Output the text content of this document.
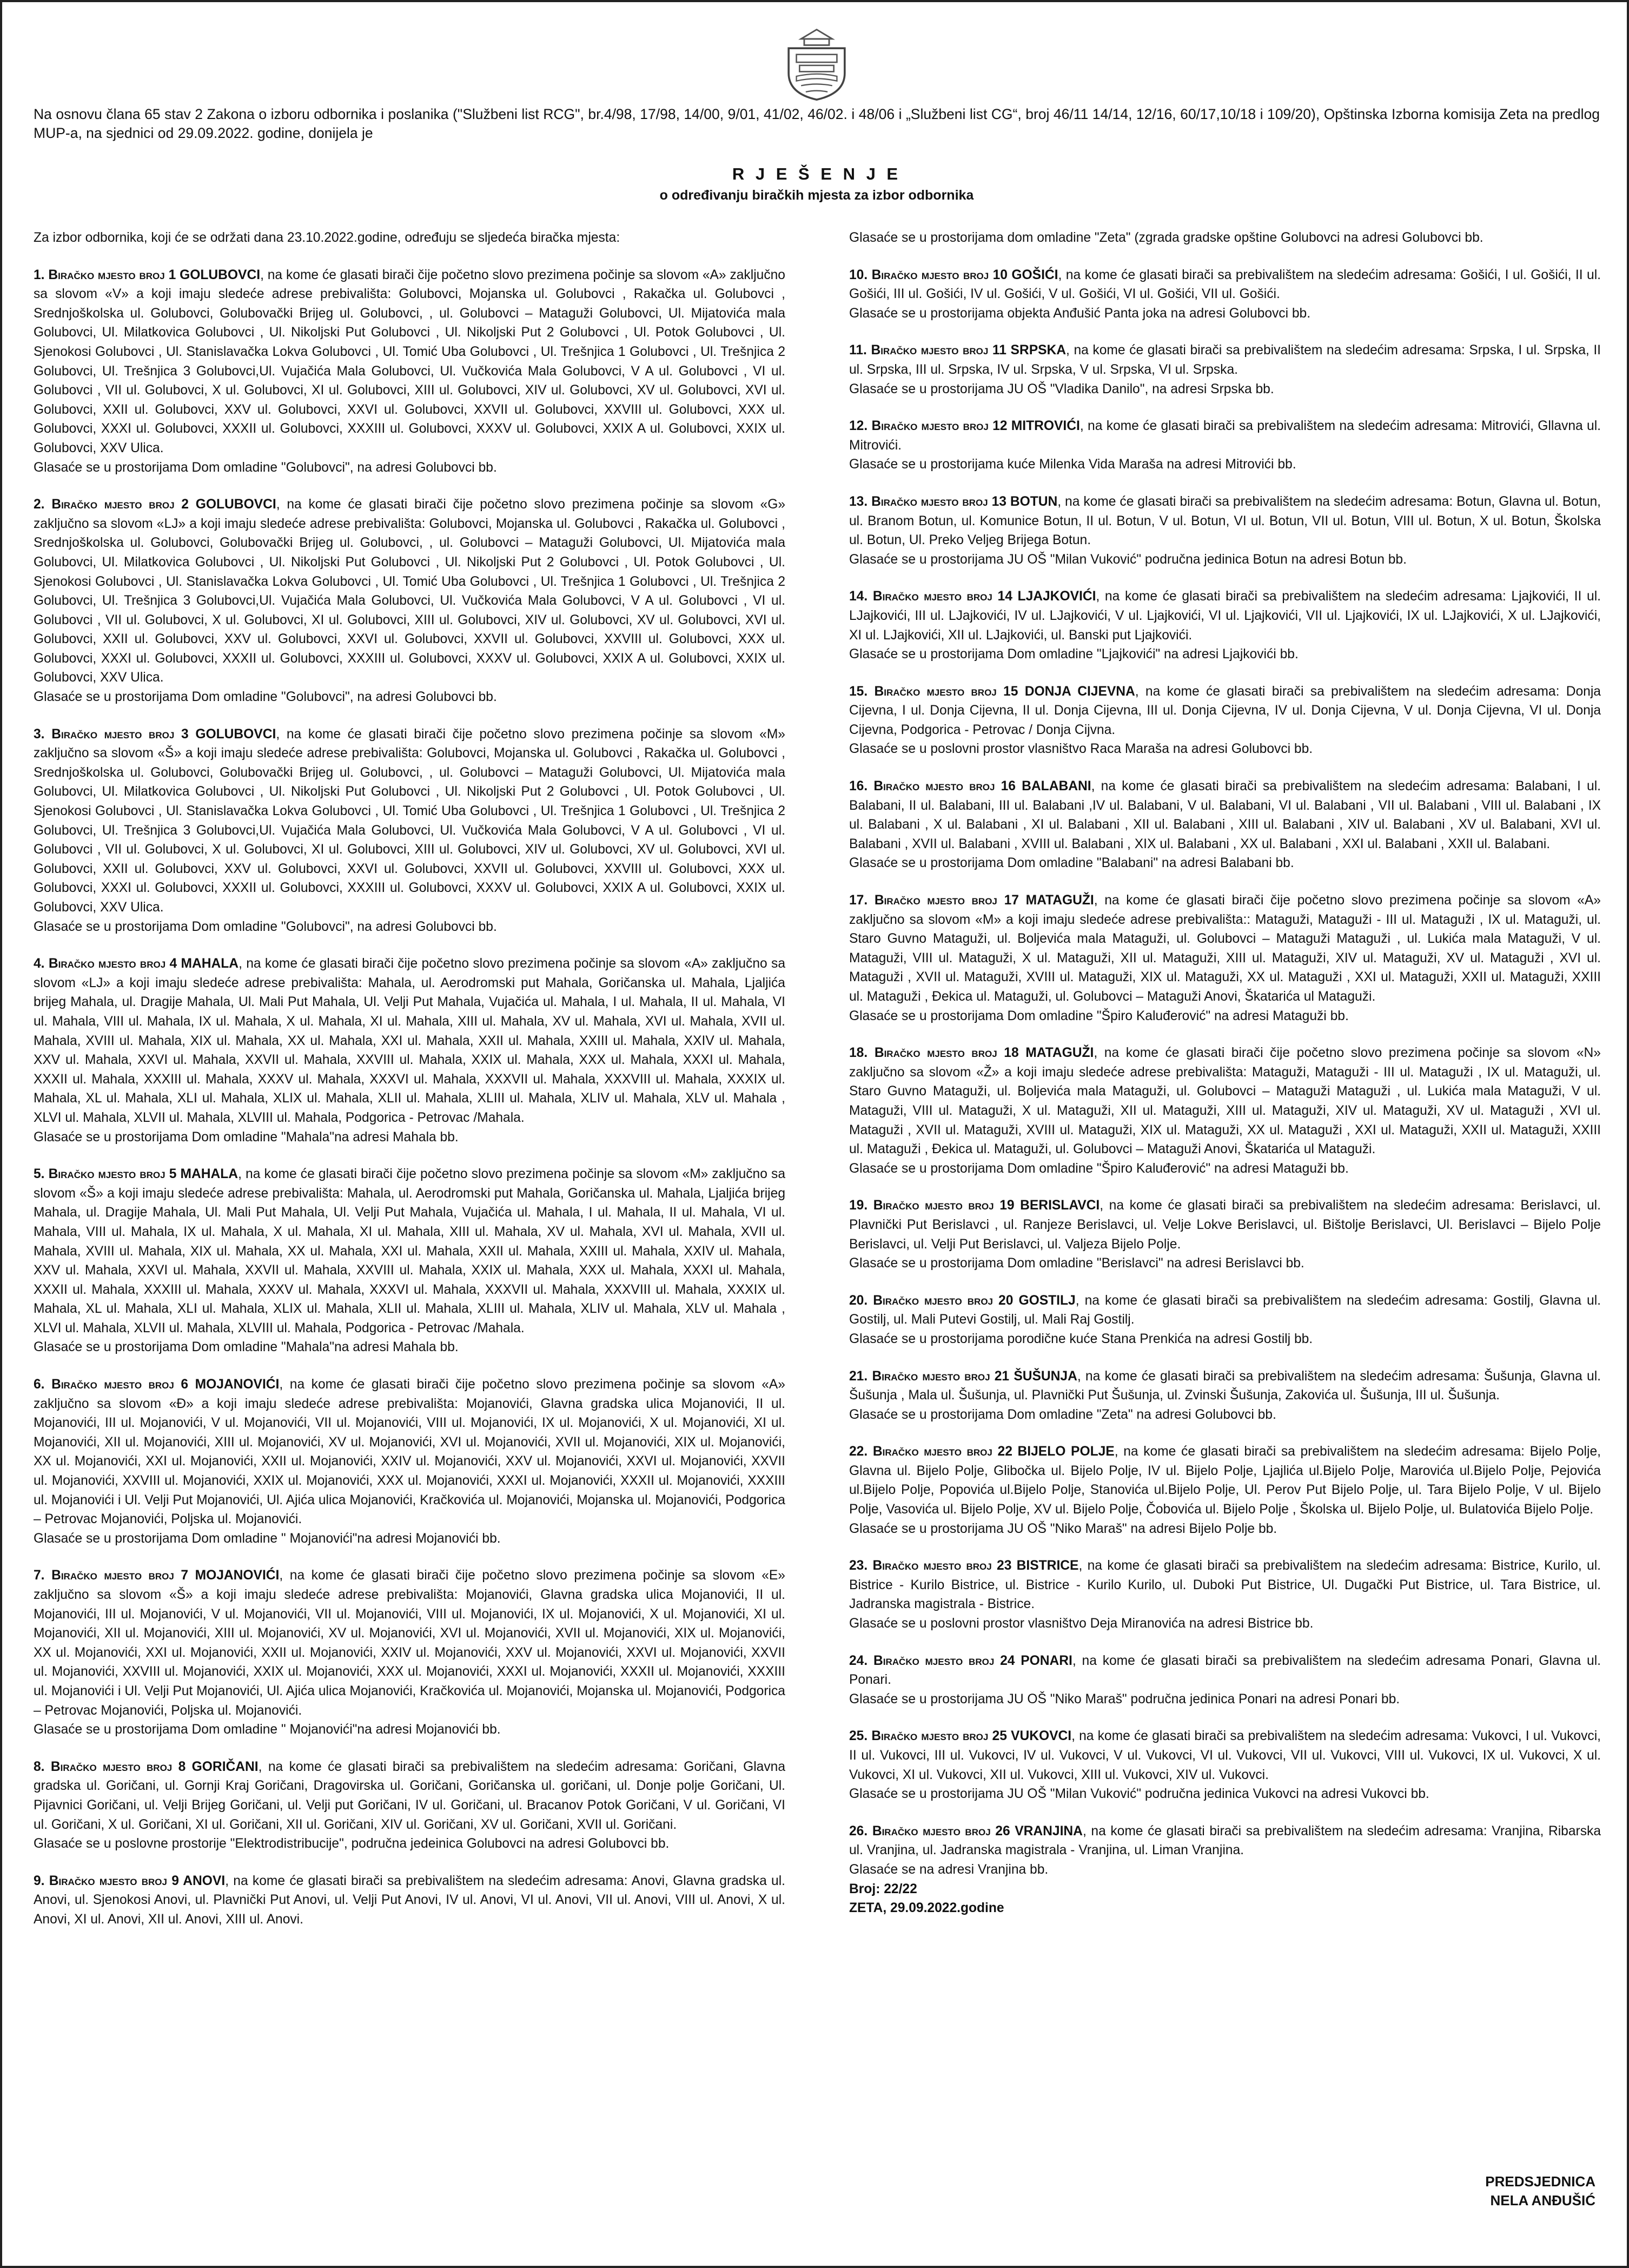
Na osnovu člana 65 stav 2 Zakona o izboru odbornika i poslanika ("Službeni list RCG", br.4/98, 17/98, 14/00, 9/01, 41/02, 46/02. i 48/06 i „Službeni list CG“, broj 46/11 14/14, 12/16, 60/17,10/18 i 109/20), Opštinska Izborna komisija Zeta na predlog MUP-a, na sjednici od 29.09.2022. godine, donijela je
R J E Š E N J E
o određivanju biračkih mjesta za izbor odbornika

Za izbor odbornika, koji će se održati dana 23.10.2022.godine, određuju se sljedeća biračka mjesta:

1. Biračko mjesto broj 1 GOLUBOVCI, na kome će glasati birači čije početno slovo prezimena počinje sa slovom «A» zaključno sa slovom «V» a koji imaju sledeće adrese prebivališta: Golubovci, Mojanska ul. Golubovci , Rakačka ul. Golubovci , Srednjoškolska ul. Golubovci, Golubovački Brijeg ul. Golubovci, , ul. Golubovci – Mataguži Golubovci, Ul. Mijatovića mala Golubovci, Ul. Milatkovica Golubovci , Ul. Nikoljski Put Golubovci , Ul. Nikoljski Put 2 Golubovci , Ul. Potok Golubovci , Ul. Sjenokosi Golubovci , Ul. Stanislavačka Lokva Golubovci , Ul. Tomić Uba Golubovci , Ul. Trešnjica 1 Golubovci , Ul. Trešnjica 2 Golubovci, Ul. Trešnjica 3 Golubovci,Ul. Vujačića Mala Golubovci, Ul. Vučkovića Mala Golubovci, V A ul. Golubovci , VI ul. Golubovci , VII ul. Golubovci, X ul. Golubovci, XI ul. Golubovci, XIII ul. Golubovci, XIV ul. Golubovci, XV ul. Golubovci, XVI ul. Golubovci, XXII ul. Golubovci, XXV ul. Golubovci, XXVI ul. Golubovci, XXVII ul. Golubovci, XXVIII ul. Golubovci, XXX ul. Golubovci, XXXI ul. Golubovci, XXXII ul. Golubovci, XXXIII ul. Golubovci, XXXV ul. Golubovci, XXIX A ul. Golubovci, XXIX ul. Golubovci, XXV Ulica.
Glasaće se u prostorijama Dom omladine "Golubovci", na adresi Golubovci bb.

2. Biračko mjesto broj 2 GOLUBOVCI, na kome će glasati birači čije početno slovo prezimena počinje sa slovom «G» zaključno sa slovom «LJ» a koji imaju sledeće adrese prebivališta: Golubovci, Mojanska ul. Golubovci , Rakačka ul. Golubovci , Srednjoškolska ul. Golubovci, Golubovački Brijeg ul. Golubovci, , ul. Golubovci – Mataguži Golubovci, Ul. Mijatovića mala Golubovci, Ul. Milatkovica Golubovci , Ul. Nikoljski Put Golubovci , Ul. Nikoljski Put 2 Golubovci , Ul. Potok Golubovci , Ul. Sjenokosi Golubovci , Ul. Stanislavačka Lokva Golubovci , Ul. Tomić Uba Golubovci , Ul. Trešnjica 1 Golubovci , Ul. Trešnjica 2 Golubovci, Ul. Trešnjica 3 Golubovci,Ul. Vujačića Mala Golubovci, Ul. Vučkovića Mala Golubovci, V A ul. Golubovci , VI ul. Golubovci , VII ul. Golubovci, X ul. Golubovci, XI ul. Golubovci, XIII ul. Golubovci, XIV ul. Golubovci, XV ul. Golubovci, XVI ul. Golubovci, XXII ul. Golubovci, XXV ul. Golubovci, XXVI ul. Golubovci, XXVII ul. Golubovci, XXVIII ul. Golubovci, XXX ul. Golubovci, XXXI ul. Golubovci, XXXII ul. Golubovci, XXXIII ul. Golubovci, XXXV ul. Golubovci, XXIX A ul. Golubovci, XXIX ul. Golubovci, XXV Ulica.
Glasaće se u prostorijama Dom omladine "Golubovci", na adresi Golubovci bb.

3. Biračko mjesto broj 3 GOLUBOVCI, na kome će glasati birači čije početno slovo prezimena počinje sa slovom «M» zaključno sa slovom «Š» a koji imaju sledeće adrese prebivališta: Golubovci, Mojanska ul. Golubovci , Rakačka ul. Golubovci , Srednjoškolska ul. Golubovci, Golubovački Brijeg ul. Golubovci, , ul. Golubovci – Mataguži Golubovci, Ul. Mijatovića mala Golubovci, Ul. Milatkovica Golubovci , Ul. Nikoljski Put Golubovci , Ul. Nikoljski Put 2 Golubovci , Ul. Potok Golubovci , Ul. Sjenokosi Golubovci , Ul. Stanislavačka Lokva Golubovci , Ul. Tomić Uba Golubovci , Ul. Trešnjica 1 Golubovci , Ul. Trešnjica 2 Golubovci, Ul. Trešnjica 3 Golubovci,Ul. Vujačića Mala Golubovci, Ul. Vučkovića Mala Golubovci, V A ul. Golubovci , VI ul. Golubovci , VII ul. Golubovci, X ul. Golubovci, XI ul. Golubovci, XIII ul. Golubovci, XIV ul. Golubovci, XV ul. Golubovci, XVI ul. Golubovci, XXII ul. Golubovci, XXV ul. Golubovci, XXVI ul. Golubovci, XXVII ul. Golubovci, XXVIII ul. Golubovci, XXX ul. Golubovci, XXXI ul. Golubovci, XXXII ul. Golubovci, XXXIII ul. Golubovci, XXXV ul. Golubovci, XXIX A ul. Golubovci, XXIX ul. Golubovci, XXV Ulica.
Glasaće se u prostorijama Dom omladine "Golubovci", na adresi Golubovci bb.

4. Biračko mjesto broj 4 MAHALA, na kome će glasati birači čije početno slovo prezimena počinje sa slovom «A» zaključno sa slovom «LJ» a koji imaju sledeće adrese prebivališta: Mahala, ul. Aerodromski put Mahala, Goričanska ul. Mahala, Ljaljića brijeg Mahala, ul. Dragije Mahala, Ul. Mali Put Mahala, Ul. Velji Put Mahala, Vujačića ul. Mahala, I ul. Mahala, II ul. Mahala, VI ul. Mahala, VIII ul. Mahala, IX ul. Mahala, X ul. Mahala, XI ul. Mahala, XIII ul. Mahala, XV ul. Mahala, XVI ul. Mahala, XVII ul. Mahala, XVIII ul. Mahala, XIX ul. Mahala, XX ul. Mahala, XXI ul. Mahala, XXII ul. Mahala, XXIII ul. Mahala, XXIV ul. Mahala, XXV ul. Mahala, XXVI ul. Mahala, XXVII ul. Mahala, XXVIII ul. Mahala, XXIX ul. Mahala, XXX ul. Mahala, XXXI ul. Mahala, XXXII ul. Mahala, XXXIII ul. Mahala, XXXV ul. Mahala, XXXVI ul. Mahala, XXXVII ul. Mahala, XXXVIII ul. Mahala, XXXIX ul. Mahala, XL ul. Mahala, XLI ul. Mahala, XLIX ul. Mahala, XLII ul. Mahala, XLIII ul. Mahala, XLIV ul. Mahala, XLV ul. Mahala , XLVI ul. Mahala, XLVII ul. Mahala, XLVIII ul. Mahala, Podgorica - Petrovac /Mahala.
Glasaće se u prostorijama Dom omladine "Mahala"na adresi Mahala bb.

5. Biračko mjesto broj 5 MAHALA, na kome će glasati birači čije početno slovo prezimena počinje sa slovom «M» zaključno sa slovom «Š» a koji imaju sledeće adrese prebivališta: Mahala, ul. Aerodromski put Mahala, Goričanska ul. Mahala, Ljaljića brijeg Mahala, ul. Dragije Mahala, Ul. Mali Put Mahala, Ul. Velji Put Mahala, Vujačića ul. Mahala, I ul. Mahala, II ul. Mahala, VI ul. Mahala, VIII ul. Mahala, IX ul. Mahala, X ul. Mahala, XI ul. Mahala, XIII ul. Mahala, XV ul. Mahala, XVI ul. Mahala, XVII ul. Mahala, XVIII ul. Mahala, XIX ul. Mahala, XX ul. Mahala, XXI ul. Mahala, XXII ul. Mahala, XXIII ul. Mahala, XXIV ul. Mahala, XXV ul. Mahala, XXVI ul. Mahala, XXVII ul. Mahala, XXVIII ul. Mahala, XXIX ul. Mahala, XXX ul. Mahala, XXXI ul. Mahala, XXXII ul. Mahala, XXXIII ul. Mahala, XXXV ul. Mahala, XXXVI ul. Mahala, XXXVII ul. Mahala, XXXVIII ul. Mahala, XXXIX ul. Mahala, XL ul. Mahala, XLI ul. Mahala, XLIX ul. Mahala, XLII ul. Mahala, XLIII ul. Mahala, XLIV ul. Mahala, XLV ul. Mahala , XLVI ul. Mahala, XLVII ul. Mahala, XLVIII ul. Mahala, Podgorica - Petrovac /Mahala.
Glasaće se u prostorijama Dom omladine "Mahala"na adresi Mahala bb.

6. Biračko mjesto broj 6 MOJANOVIĆI, na kome će glasati birači čije početno slovo prezimena počinje sa slovom «A» zaključno sa slovom «Đ» a koji imaju sledeće adrese prebivališta: Mojanovići, Glavna gradska ulica Mojanovići, II ul. Mojanovići, III ul. Mojanovići, V ul. Mojanovići, VII ul. Mojanovići, VIII ul. Mojanovići, IX ul. Mojanovići, X ul. Mojanovići, XI ul. Mojanovići, XII ul. Mojanovići, XIII ul. Mojanovići, XV ul. Mojanovići, XVI ul. Mojanovići, XVII ul. Mojanovići, XIX ul. Mojanovići, XX ul. Mojanovići, XXI ul. Mojanovići, XXII ul. Mojanovići, XXIV ul. Mojanovići, XXV ul. Mojanovići, XXVI ul. Mojanovići, XXVII ul. Mojanovići, XXVIII ul. Mojanovići, XXIX ul. Mojanovići, XXX ul. Mojanovići, XXXI ul. Mojanovići, XXXII ul. Mojanovići, XXXIII ul. Mojanovići i Ul. Velji Put Mojanovići, Ul. Ajića ulica Mojanovići, Kračkovića ul. Mojanovići, Mojanska ul. Mojanovići, Podgorica – Petrovac Mojanovići, Poljska ul. Mojanovići.
Glasaće se u prostorijama Dom omladine " Mojanovići"na adresi Mojanovići bb.

7. Biračko mjesto broj 7 MOJANOVIĆI, na kome će glasati birači čije početno slovo prezimena počinje sa slovom «E» zaključno sa slovom «Š» a koji imaju sledeće adrese prebivališta: Mojanovići, Glavna gradska ulica Mojanovići, II ul. Mojanovići, III ul. Mojanovići, V ul. Mojanovići, VII ul. Mojanovići, VIII ul. Mojanovići, IX ul. Mojanovići, X ul. Mojanovići, XI ul. Mojanovići, XII ul. Mojanovići, XIII ul. Mojanovići, XV ul. Mojanovići, XVI ul. Mojanovići, XVII ul. Mojanovići, XIX ul. Mojanovići, XX ul. Mojanovići, XXI ul. Mojanovići, XXII ul. Mojanovići, XXIV ul. Mojanovići, XXV ul. Mojanovići, XXVI ul. Mojanovići, XXVII ul. Mojanovići, XXVIII ul. Mojanovići, XXIX ul. Mojanovići, XXX ul. Mojanovići, XXXI ul. Mojanovići, XXXII ul. Mojanovići, XXXIII ul. Mojanovići i Ul. Velji Put Mojanovići, Ul. Ajića ulica Mojanovići, Kračkovića ul. Mojanovići, Mojanska ul. Mojanovići, Podgorica – Petrovac Mojanovići, Poljska ul. Mojanovići.
Glasaće se u prostorijama Dom omladine " Mojanovići"na adresi Mojanovići bb.

8. Biračko mjesto broj 8 GORIČANI, na kome će glasati birači sa prebivalištem na sledećim adresama: Goričani, Glavna gradska ul. Goričani, ul. Gornji Kraj Goričani, Dragovirska ul. Goričani, Goričanska ul. goričani, ul. Donje polje Goričani, Ul. Pijavnici Goričani, ul. Velji Brijeg Goričani, ul. Velji put Goričani, IV ul. Goričani, ul. Bracanov Potok Goričani, V ul. Goričani, VI ul. Goričani, X ul. Goričani, XI ul. Goričani, XII ul. Goričani, XIV ul. Goričani, XV ul. Goričani, XVII ul. Goričani.
Glasaće se u poslovne prostorije "Elektrodistribucije", područna jedeinica Golubovci na adresi Golubovci bb.

9. Biračko mjesto broj 9 ANOVI, na kome će glasati birači sa prebivalištem na sledećim adresama: Anovi, Glavna gradska ul. Anovi, ul. Sjenokosi Anovi, ul. Plavnički Put Anovi, ul. Velji Put Anovi, IV ul. Anovi, VI ul. Anovi, VII ul. Anovi, VIII ul. Anovi, X ul. Anovi, XI ul. Anovi, XII ul. Anovi, XIII ul. Anovi.

Glasaće se u prostorijama dom omladine "Zeta" (zgrada gradske opštine Golubovci na adresi Golubovci bb.

10. Biračko mjesto broj 10 GOŠIĆI, na kome će glasati birači sa prebivalištem na sledećim adresama: Gošići, I ul. Gošići, II ul. Gošići, III ul. Gošići, IV ul. Gošići, V ul. Gošići, VI ul. Gošići, VII ul. Gošići.
Glasaće se u prostorijama objekta Anđušić Panta joka na adresi Golubovci bb.

11. Biračko mjesto broj 11 SRPSKA, na kome će glasati birači sa prebivalištem na sledećim adresama: Srpska, I ul. Srpska, II ul. Srpska, III ul. Srpska, IV ul. Srpska, V ul. Srpska, VI ul. Srpska.
Glasaće se u prostorijama JU OŠ "Vladika Danilo", na adresi Srpska bb.

12. Biračko mjesto broj 12 MITROVIĆI, na kome će glasati birači sa prebivalištem na sledećim adresama: Mitrovići, Gllavna ul. Mitrovići.
Glasaće se u prostorijama kuće Milenka Vida Maraša na adresi Mitrovići bb.

13. Biračko mjesto broj 13 BOTUN, na kome će glasati birači sa prebivalištem na sledećim adresama: Botun, Glavna ul. Botun, ul. Branom Botun, ul. Komunice Botun, II ul. Botun, V ul. Botun, VI ul. Botun, VII ul. Botun, VIII ul. Botun, X ul. Botun, Školska ul. Botun, Ul. Preko Veljeg Brijega Botun.
Glasaće se u prostorijama JU OŠ "Milan Vuković" područna jedinica Botun na adresi Botun bb.

14. Biračko mjesto broj 14 LJAJKOVIĆI, na kome će glasati birači sa prebivalištem na sledećim adresama: Ljajkovići, II ul. LJajkovići, III ul. LJajkovići, IV ul. LJajkovići, V ul. Ljajkovići, VI ul. Ljajkovići, VII ul. Ljajkovići, IX ul. LJajkovići, X ul. LJajkovići, XI ul. LJajkovići, XII ul. LJajkovići, ul. Banski put Ljajkovići.
Glasaće se u prostorijama Dom omladine "Ljajkovići" na adresi Ljajkovići bb.

15. Biračko mjesto broj 15 DONJA CIJEVNA, na kome će glasati birači sa prebivalištem na sledećim adresama: Donja Cijevna, I ul. Donja Cijevna, II ul. Donja Cijevna, III ul. Donja Cijevna, IV ul. Donja Cijevna, V ul. Donja Cijevna, VI ul. Donja Cijevna, Podgorica - Petrovac / Donja Cijvna.
Glasaće se u poslovni prostor vlasništvo Raca Maraša na adresi Golubovci bb.

16. Biračko mjesto broj 16 BALABANI, na kome će glasati birači sa prebivalištem na sledećim adresama: Balabani, I ul. Balabani, II ul. Balabani, III ul. Balabani ,IV ul. Balabani, V ul. Balabani, VI ul. Balabani , VII ul. Balabani , VIII ul. Balabani , IX ul. Balabani , X ul. Balabani , XI ul. Balabani , XII ul. Balabani , XIII ul. Balabani , XIV ul. Balabani , XV ul. Balabani, XVI ul. Balabani , XVII ul. Balabani , XVIII ul. Balabani , XIX ul. Balabani , XX ul. Balabani , XXI ul. Balabani , XXII ul. Balabani.
Glasaće se u prostorijama Dom omladine "Balabani" na adresi Balabani bb.

17. Biračko mjesto broj 17 MATAGUŽI, na kome će glasati birači čije početno slovo prezimena počinje sa slovom «A» zaključno sa slovom «M» a koji imaju sledeće adrese prebivališta:: Mataguži, Mataguži - III ul. Mataguži , IX ul. Mataguži, ul. Staro Guvno Mataguži, ul. Boljevića mala Mataguži, ul. Golubovci – Mataguži Mataguži , ul. Lukića mala Mataguži, V ul. Mataguži, VIII ul. Mataguži, X ul. Mataguži, XII ul. Mataguži, XIII ul. Mataguži, XIV ul. Mataguži, XV ul. Mataguži , XVI ul. Mataguži , XVII ul. Mataguži, XVIII ul. Mataguži, XIX ul. Mataguži, XX ul. Mataguži , XXI ul. Mataguži, XXII ul. Mataguži, XXIII ul. Mataguži , Đekica ul. Mataguži, ul. Golubovci – Mataguži Anovi, Škatarića ul Mataguži.
Glasaće se u prostorijama Dom omladine "Špiro Kaluđerović" na adresi Mataguži bb.

18. Biračko mjesto broj 18 MATAGUŽI, na kome će glasati birači čije početno slovo prezimena počinje sa slovom «N» zaključno sa slovom «Ž» a koji imaju sledeće adrese prebivališta: Mataguži, Mataguži - III ul. Mataguži , IX ul. Mataguži, ul. Staro Guvno Mataguži, ul. Boljevića mala Mataguži, ul. Golubovci – Mataguži Mataguži , ul. Lukića mala Mataguži, V ul. Mataguži, VIII ul. Mataguži, X ul. Mataguži, XII ul. Mataguži, XIII ul. Mataguži, XIV ul. Mataguži, XV ul. Mataguži , XVI ul. Mataguži , XVII ul. Mataguži, XVIII ul. Mataguži, XIX ul. Mataguži, XX ul. Mataguži , XXI ul. Mataguži, XXII ul. Mataguži, XXIII ul. Mataguži , Đekica ul. Mataguži, ul. Golubovci – Mataguži Anovi, Škatarića ul Mataguži.
Glasaće se u prostorijama Dom omladine "Špiro Kaluđerović" na adresi Mataguži bb.

19. Biračko mjesto broj 19 BERISLAVCI, na kome će glasati birači sa prebivalištem na sledećim adresama: Berislavci, ul. Plavnički Put Berislavci , ul. Ranjeze Berislavci, ul. Velje Lokve Berislavci, ul. Bištolje Berislavci, Ul. Berislavci – Bijelo Polje Berislavci, ul. Velji Put Berislavci, ul. Valjeza Bijelo Polje.
Glasaće se u prostorijama Dom omladine "Berislavci" na adresi Berislavci bb.

20. Biračko mjesto broj 20 GOSTILJ, na kome će glasati birači sa prebivalištem na sledećim adresama: Gostilj, Glavna ul. Gostilj, ul. Mali Putevi Gostilj, ul. Mali Raj Gostilj.
Glasaće se u prostorijama porodične kuće Stana Prenkića na adresi Gostilj bb.

21. Biračko mjesto broj 21 ŠUŠUNJA, na kome će glasati birači sa prebivalištem na sledećim adresama: Šušunja, Glavna ul. Šušunja , Mala ul. Šušunja, ul. Plavnički Put Šušunja, ul. Zvinski Šušunja, Zakovića ul. Šušunja, III ul. Šušunja.
Glasaće se u prostorijama Dom omladine "Zeta" na adresi Golubovci bb.

22. Biračko mjesto broj 22 BIJELO POLJE, na kome će glasati birači sa prebivalištem na sledećim adresama: Bijelo Polje, Glavna ul. Bijelo Polje, Glibočka ul. Bijelo Polje, IV ul. Bijelo Polje, Ljajlića ul.Bijelo Polje, Marovića ul.Bijelo Polje, Pejovića ul.Bijelo Polje, Popovića ul.Bijelo Polje, Stanovića ul.Bijelo Polje, Ul. Perov Put Bijelo Polje, ul. Tara Bijelo Polje, V ul. Bijelo Polje, Vasovića ul. Bijelo Polje, XV ul. Bijelo Polje, Čobovića ul. Bijelo Polje , Školska ul. Bijelo Polje, ul. Bulatovića Bijelo Polje.
Glasaće se u prostorijama JU OŠ "Niko Maraš" na adresi Bijelo Polje bb.

23. Biračko mjesto broj 23 BISTRICE, na kome će glasati birači sa prebivalištem na sledećim adresama: Bistrice, Kurilo, ul. Bistrice - Kurilo Bistrice, ul. Bistrice - Kurilo Kurilo, ul. Duboki Put Bistrice, Ul. Dugački Put Bistrice, ul. Tara Bistrice, ul. Jadranska magistrala - Bistrice.
Glasaće se u poslovni prostor vlasništvo Deja Miranovića na adresi Bistrice bb.

24. Biračko mjesto broj 24 PONARI, na kome će glasati birači sa prebivalištem na sledećim adresama Ponari, Glavna ul. Ponari.
Glasaće se u prostorijama JU OŠ "Niko Maraš" područna jedinica Ponari na adresi Ponari bb.

25. Biračko mjesto broj 25 VUKOVCI, na kome će glasati birači sa prebivalištem na sledećim adresama: Vukovci, I ul. Vukovci, II ul. Vukovci, III ul. Vukovci, IV ul. Vukovci, V ul. Vukovci, VI ul. Vukovci, VII ul. Vukovci, VIII ul. Vukovci, IX ul. Vukovci, X ul. Vukovci, XI ul. Vukovci, XII ul. Vukovci, XIII ul. Vukovci, XIV ul. Vukovci.
Glasaće se u prostorijama JU OŠ "Milan Vuković" područna jedinica Vukovci na adresi Vukovci bb.

26. Biračko mjesto broj 26 VRANJINA, na kome će glasati birači sa prebivalištem na sledećim adresama: Vranjina, Ribarska ul. Vranjina, ul. Jadranska magistrala - Vranjina, ul. Liman Vranjina.
Glasaće se na adresi Vranjina bb.

Broj: 22/22
ZETA, 29.09.2022.godine
PREDSJEDNICA
NELA ANĐUŠIĆ
